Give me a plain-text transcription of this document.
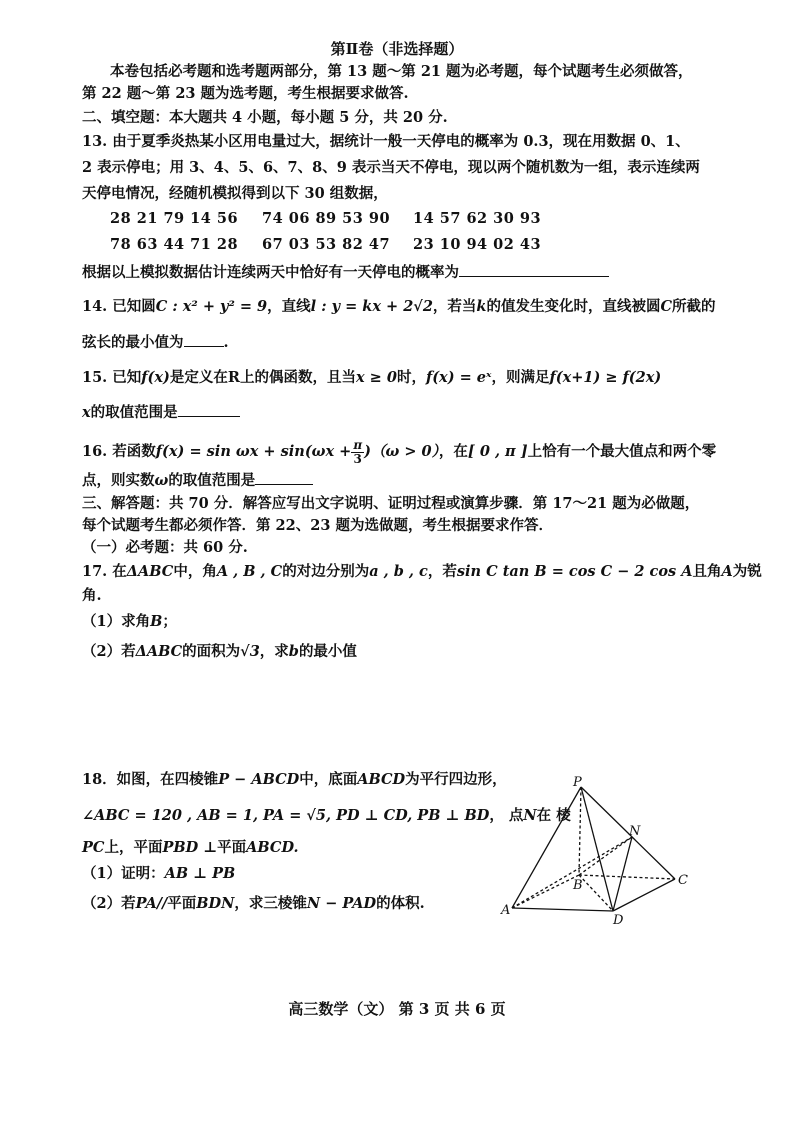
第Ⅱ卷（非选择题）
本卷包括必考题和选考题两部分，第 13 题～第 21 题为必考题，每个试题考生必须做答，
第 22 题～第 23 题为选考题，考生根据要求做答.
二、填空题：本大题共 4 小题，每小题 5 分，共 20 分.
13. 由于夏季炎热某小区用电量过大，据统计一般一天停电的概率为 0.3，现在用数据 0、1、
2 表示停电；用 3、4、5、6、7、8、9 表示当天不停电，现以两个随机数为一组，表示连续两
天停电情况，经随机模拟得到以下 30 组数据，
28 21 79 14 56 74 06 89 53 90 14 57 62 30 93
78 63 44 71 28 67 03 53 82 47 23 10 94 02 43
根据以上模拟数据估计连续两天中恰好有一天停电的概率为
14. 已知圆C : x² + y² = 9，直线l : y = kx + 2√2，若当k的值发生变化时，直线被圆C所截的
弦长的最小值为	.
15. 已知f(x)是定义在R上的偶函数，且当x ≥ 0时，f(x) = eˣ，则满足f(x+1) ≥ f(2x)
x的取值范围是
16. 若函数$f(x) = \sin \omega x + \sin(\omega x + \frac{\pi}{3} )(\omega > 0)$，在[ 0 , π ]上恰有一个最大值点和两个零
点，则实数ω的取值范围是
三、解答题：共 70 分．解答应写出文字说明、证明过程或演算步骤．第 17～21 题为必做题，
每个试题考生都必须作答．第 22、23 题为选做题，考生根据要求作答．
（一）必考题：共 60 分.
17. 在ΔABC中，角A , B , C的对边分别为a , b , c，若sin C tan B = cos C − 2 cos A且角A为锐
角.
（1）求角B；
（2）若ΔABC的面积为√3，求b的最小值
18．如图，在四棱锥P − ABCD中，底面ABCD为平行四边形，
∠ABC = 120 , AB = 1, PA = √5, PD ⊥ CD, PB ⊥ BD， 点N在 棱
PC上，平面PBD ⊥平面ABCD.
（1）证明：AB ⊥ PB
（2）若PA//平面BDN，求三棱锥N − PAD的体积.
P
N
C
B
A
D
高三数学（文） 第 3 页 共 6 页
